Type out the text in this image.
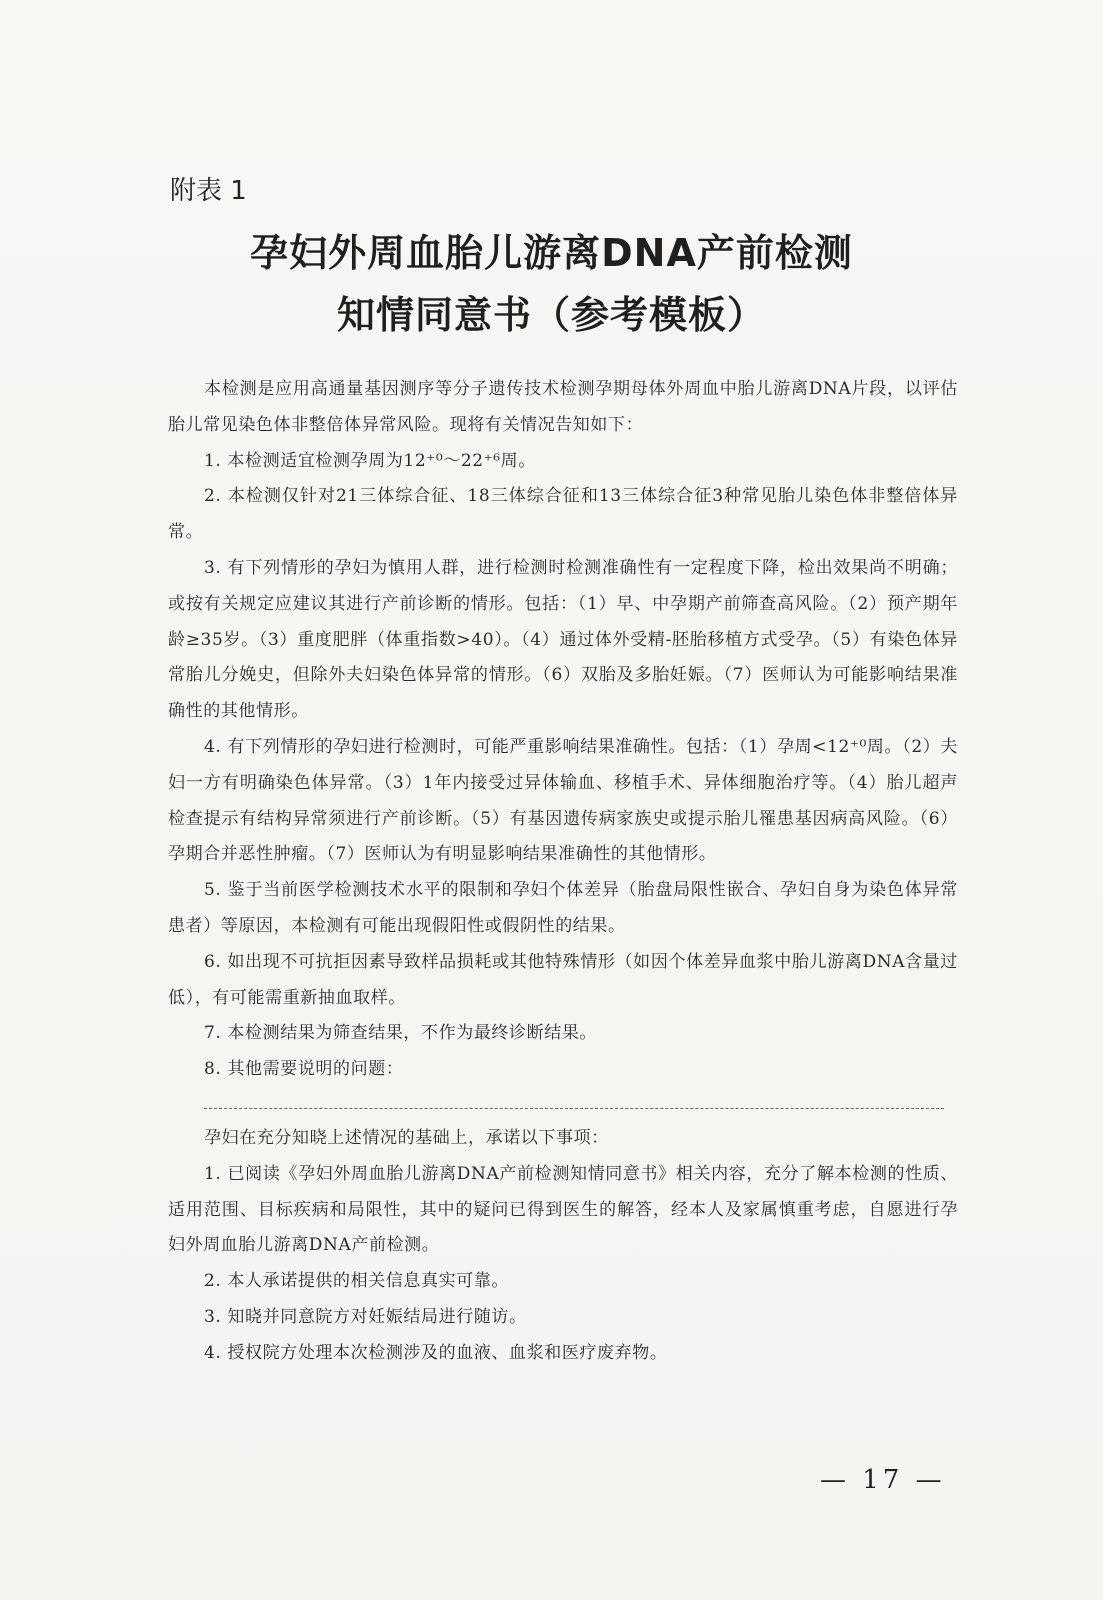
附表 1
孕妇外周血胎儿游离DNA产前检测
知情同意书（参考模板）

本检测是应用高通量基因测序等分子遗传技术检测孕期母体外周血中胎儿游离DNA片段，以评估胎儿常见染色体非整倍体异常风险。现将有关情况告知如下：

1. 本检测适宜检测孕周为12⁺⁰～22⁺⁶周。

2. 本检测仅针对21三体综合征、18三体综合征和13三体综合征3种常见胎儿染色体非整倍体异常。

3. 有下列情形的孕妇为慎用人群，进行检测时检测准确性有一定程度下降，检出效果尚不明确；或按有关规定应建议其进行产前诊断的情形。包括：（1）早、中孕期产前筛查高风险。（2）预产期年龄≥35岁。（3）重度肥胖（体重指数>40）。（4）通过体外受精-胚胎移植方式受孕。（5）有染色体异常胎儿分娩史，但除外夫妇染色体异常的情形。（6）双胎及多胎妊娠。（7）医师认为可能影响结果准确性的其他情形。

4. 有下列情形的孕妇进行检测时，可能严重影响结果准确性。包括：（1）孕周<12⁺⁰周。（2）夫妇一方有明确染色体异常。（3）1年内接受过异体输血、移植手术、异体细胞治疗等。（4）胎儿超声检查提示有结构异常须进行产前诊断。（5）有基因遗传病家族史或提示胎儿罹患基因病高风险。（6）孕期合并恶性肿瘤。（7）医师认为有明显影响结果准确性的其他情形。

5. 鉴于当前医学检测技术水平的限制和孕妇个体差异（胎盘局限性嵌合、孕妇自身为染色体异常患者）等原因，本检测有可能出现假阳性或假阴性的结果。

6. 如出现不可抗拒因素导致样品损耗或其他特殊情形（如因个体差异血浆中胎儿游离DNA含量过低），有可能需重新抽血取样。

7. 本检测结果为筛查结果，不作为最终诊断结果。

8. 其他需要说明的问题：

孕妇在充分知晓上述情况的基础上，承诺以下事项：

1. 已阅读《孕妇外周血胎儿游离DNA产前检测知情同意书》相关内容，充分了解本检测的性质、适用范围、目标疾病和局限性，其中的疑问已得到医生的解答，经本人及家属慎重考虑，自愿进行孕妇外周血胎儿游离DNA产前检测。

2. 本人承诺提供的相关信息真实可靠。

3. 知晓并同意院方对妊娠结局进行随访。

4. 授权院方处理本次检测涉及的血液、血浆和医疗废弃物。

— 17 —
